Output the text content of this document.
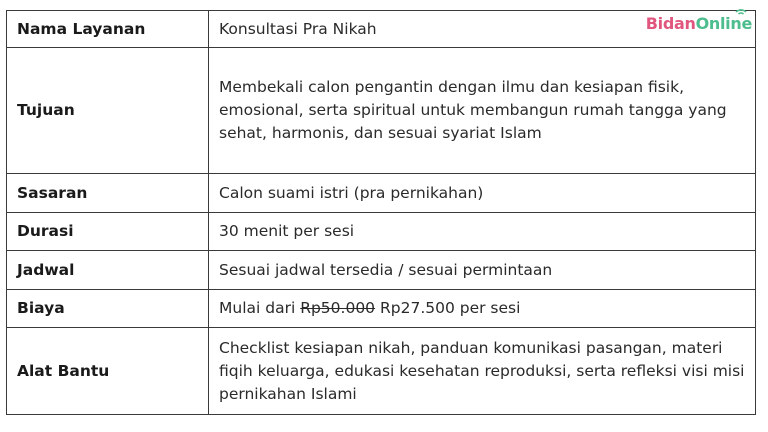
Nama Layanan	Konsultasi Pra Nikah
Tujuan	Membekali calon pengantin dengan ilmu dan kesiapan fisik, emosional, serta spiritual untuk membangun rumah tangga yang sehat, harmonis, dan sesuai syariat Islam
Sasaran	Calon suami istri (pra pernikahan)
Durasi	30 menit per sesi
Jadwal	Sesuai jadwal tersedia / sesuai permintaan
Biaya	Mulai dari Rp50.000 Rp27.500 per sesi
Alat Bantu	Checklist kesiapan nikah, panduan komunikasi pasangan, materi fiqih keluarga, edukasi kesehatan reproduksi, serta refleksi visi misi pernikahan Islami
BidanOnline
